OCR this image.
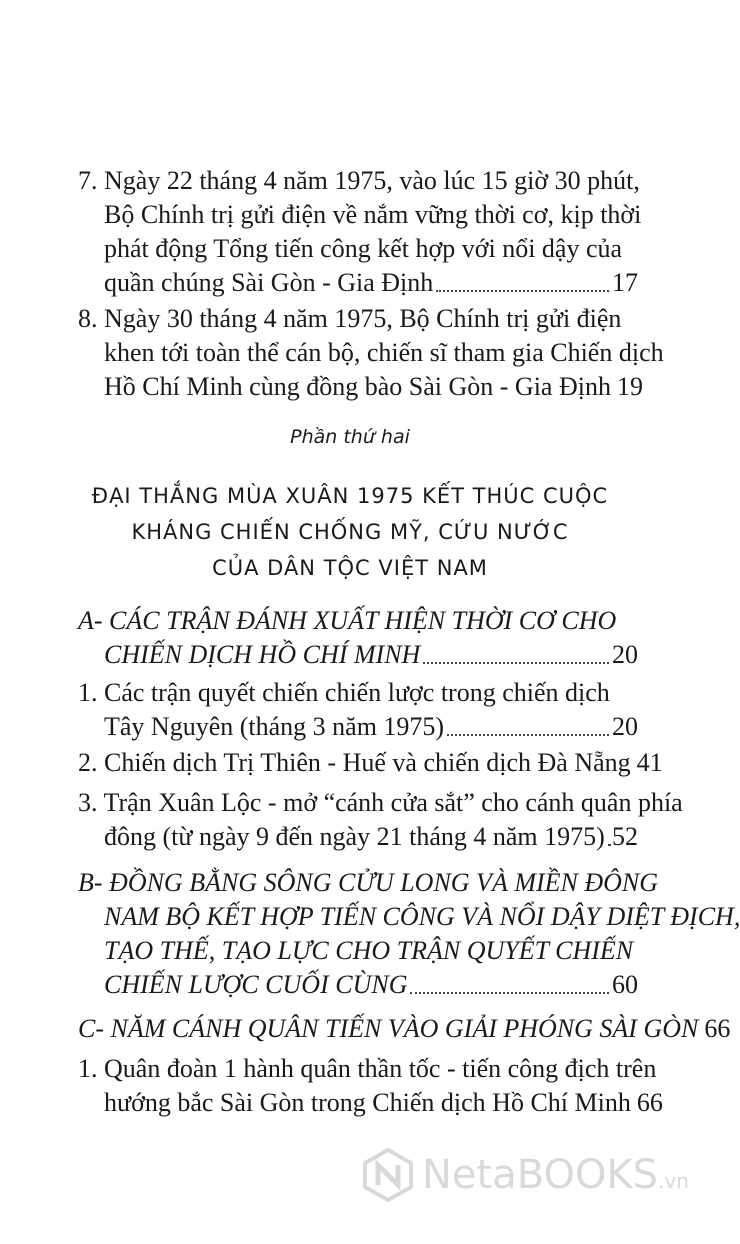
7. Ngày 22 tháng 4 năm 1975, vào lúc 15 giờ 30 phút,
Bộ Chính trị gửi điện về nắm vững thời cơ, kịp thời
phát động Tổng tiến công kết hợp với nổi dậy của
quần chúng Sài Gòn - Gia Định	17
8. Ngày 30 tháng 4 năm 1975, Bộ Chính trị gửi điện
khen tới toàn thể cán bộ, chiến sĩ tham gia Chiến dịch
Hồ Chí Minh cùng đồng bào Sài Gòn - Gia Định 19
Phần thứ hai
ĐẠI THẮNG MÙA XUÂN 1975 KẾT THÚC CUỘC
KHÁNG CHIẾN CHỐNG MỸ, CỨU NƯỚC
CỦA DÂN TỘC VIỆT NAM
A- CÁC TRẬN ĐÁNH XUẤT HIỆN THỜI CƠ CHO
CHIẾN DỊCH HỒ CHÍ MINH	20
1. Các trận quyết chiến chiến lược trong chiến dịch
Tây Nguyên (tháng 3 năm 1975)	20
2. Chiến dịch Trị Thiên - Huế và chiến dịch Đà Nẵng 41
3. Trận Xuân Lộc - mở “cánh cửa sắt” cho cánh quân phía
đông (từ ngày 9 đến ngày 21 tháng 4 năm 1975) 52
B- ĐỒNG BẰNG SÔNG CỬU LONG VÀ MIỀN ĐÔNG
NAM BỘ KẾT HỢP TIẾN CÔNG VÀ NỔI DẬY DIỆT ĐỊCH,
TẠO THẾ, TẠO LỰC CHO TRẬN QUYẾT CHIẾN
CHIẾN LƯỢC CUỐI CÙNG	60
C- NĂM CÁNH QUÂN TIẾN VÀO GIẢI PHÓNG SÀI GÒN 66
1. Quân đoàn 1 hành quân thần tốc - tiến công địch trên
hướng bắc Sài Gòn trong Chiến dịch Hồ Chí Minh 66
NetaBOOKS.vn
